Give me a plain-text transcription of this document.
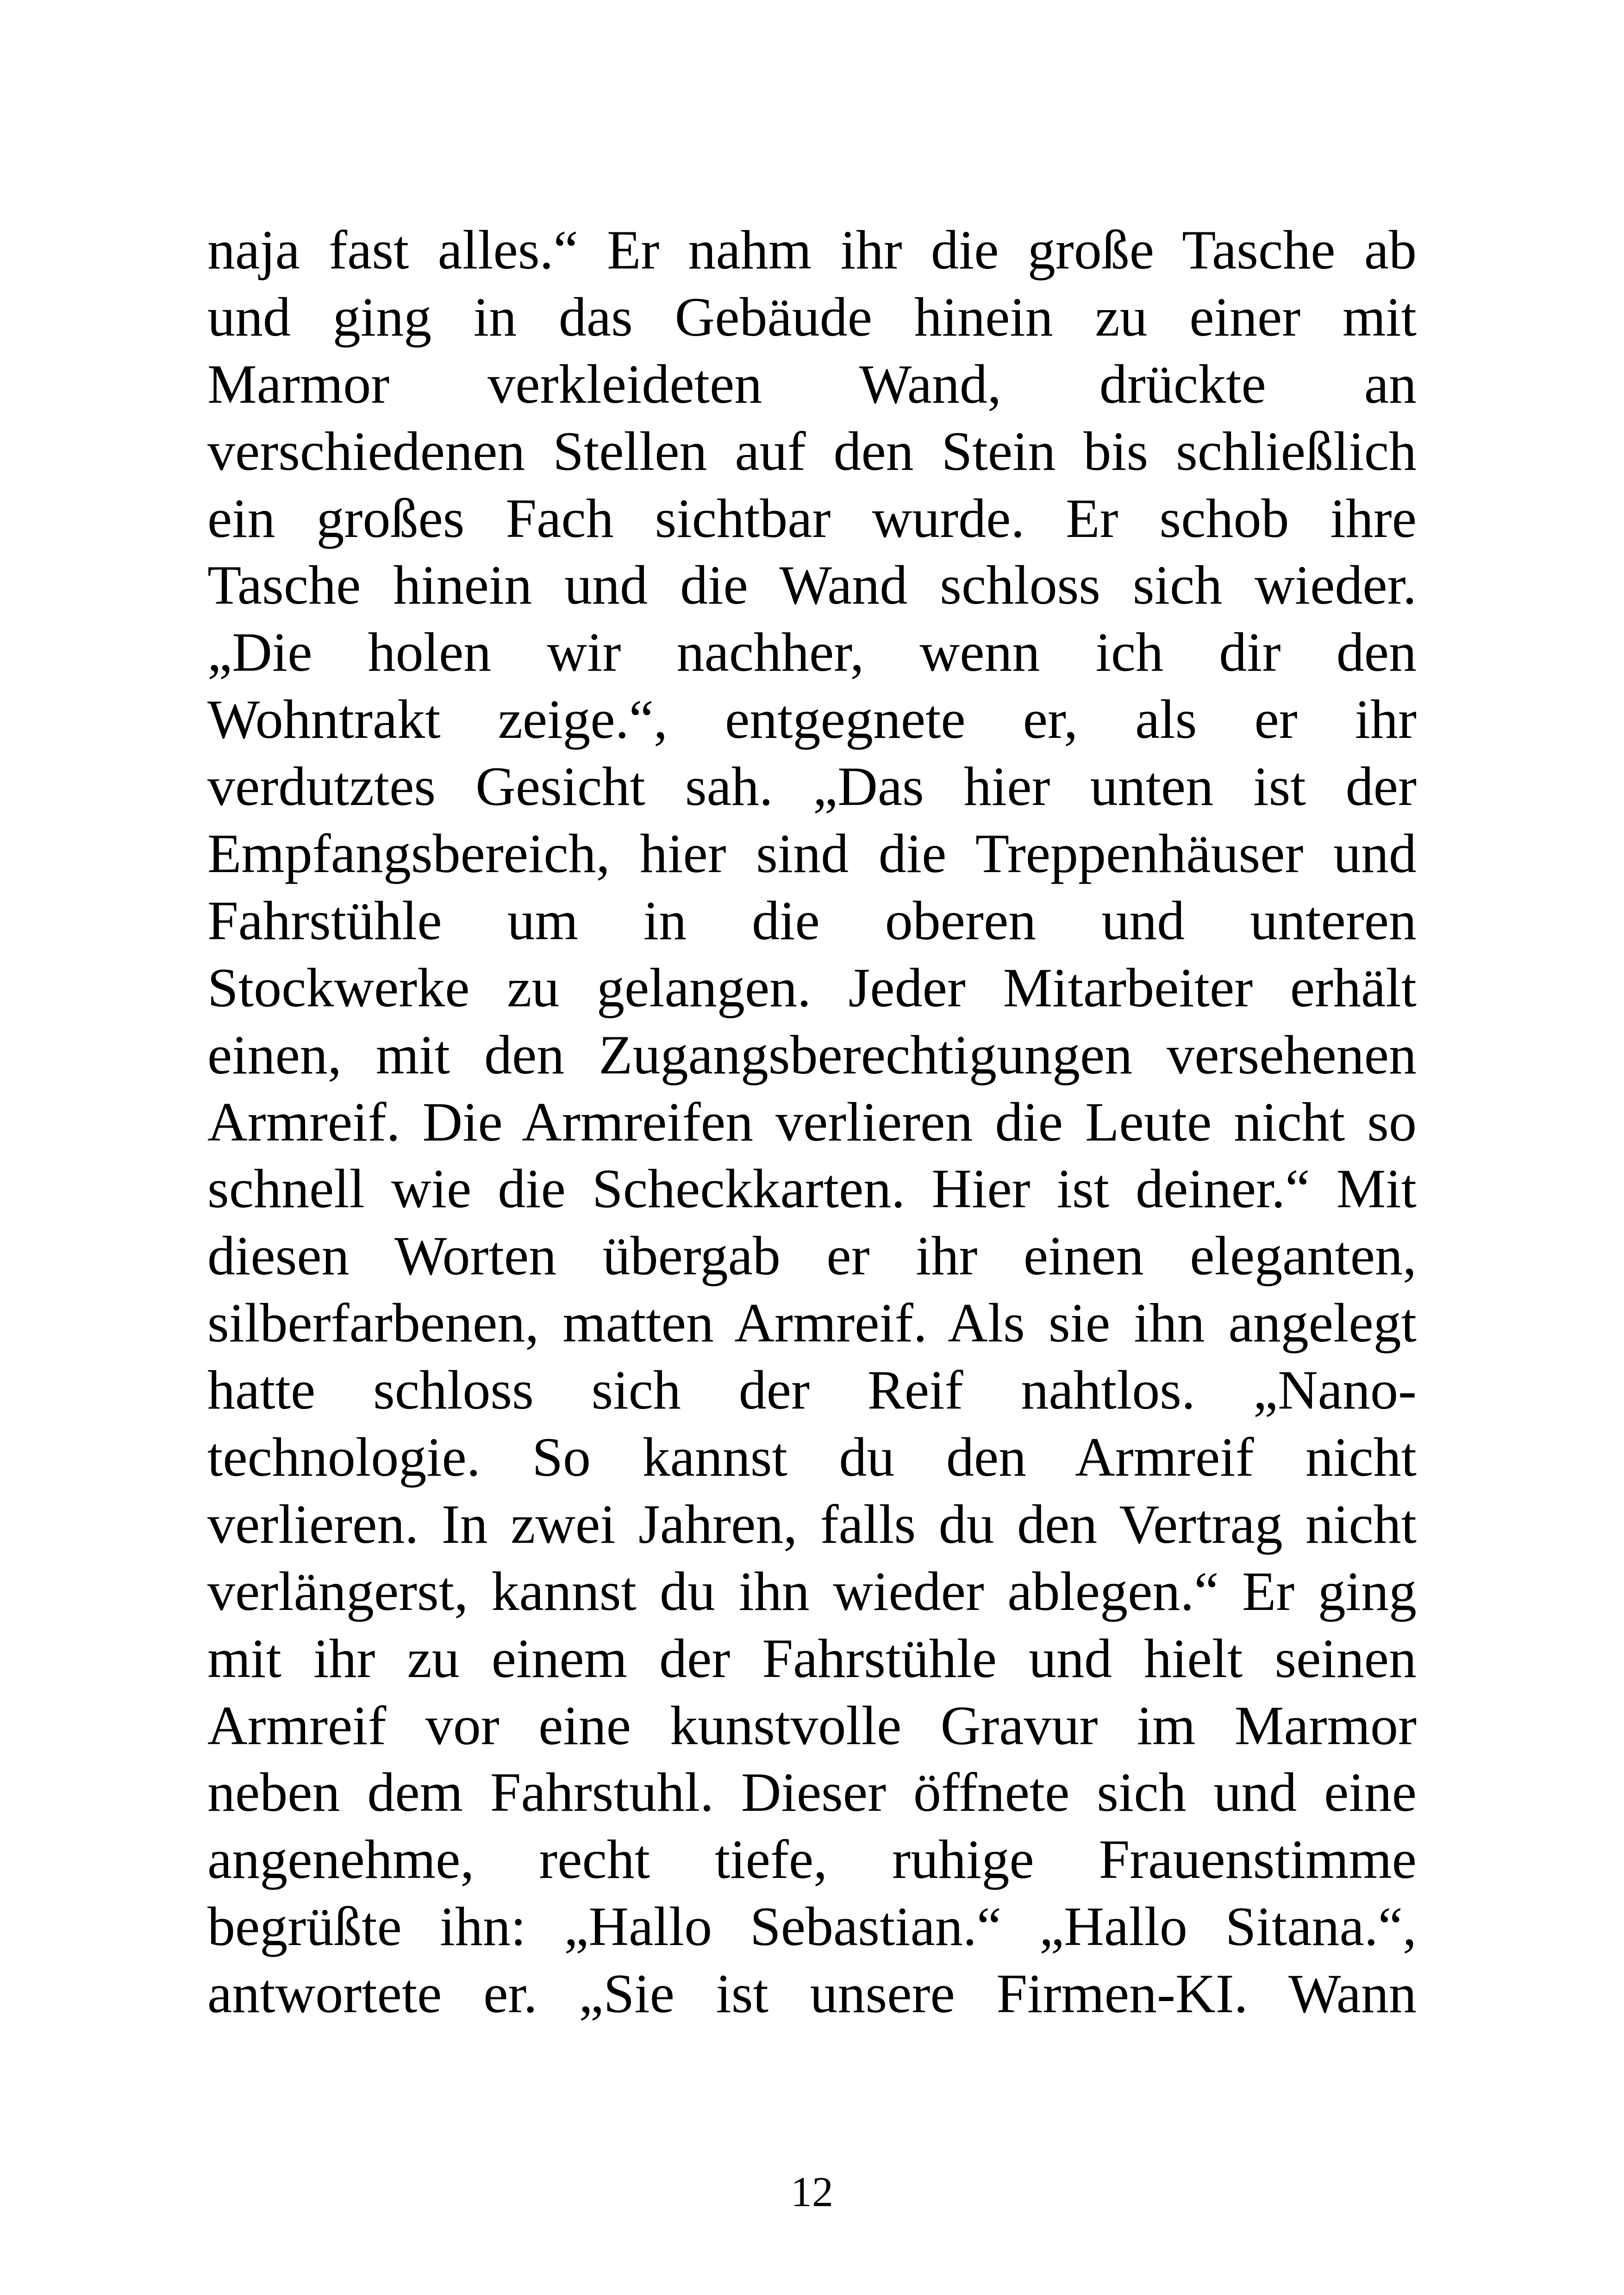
naja fast alles.“ Er nahm ihr die große Tasche ab
und ging in das Gebäude hinein zu einer mit
Marmor verkleideten Wand, drückte an
verschiedenen Stellen auf den Stein bis schließlich
ein großes Fach sichtbar wurde. Er schob ihre
Tasche hinein und die Wand schloss sich wieder.
„Die holen wir nachher, wenn ich dir den
Wohntrakt zeige.“, entgegnete er, als er ihr
verdutztes Gesicht sah. „Das hier unten ist der
Empfangsbereich, hier sind die Treppenhäuser und
Fahrstühle um in die oberen und unteren
Stockwerke zu gelangen. Jeder Mitarbeiter erhält
einen, mit den Zugangsberechtigungen versehenen
Armreif. Die Armreifen verlieren die Leute nicht so
schnell wie die Scheckkarten. Hier ist deiner.“ Mit
diesen Worten übergab er ihr einen eleganten,
silberfarbenen, matten Armreif. Als sie ihn angelegt
hatte schloss sich der Reif nahtlos. „Nano-
technologie. So kannst du den Armreif nicht
verlieren. In zwei Jahren, falls du den Vertrag nicht
verlängerst, kannst du ihn wieder ablegen.“ Er ging
mit ihr zu einem der Fahrstühle und hielt seinen
Armreif vor eine kunstvolle Gravur im Marmor
neben dem Fahrstuhl. Dieser öffnete sich und eine
angenehme, recht tiefe, ruhige Frauenstimme
begrüßte ihn: „Hallo Sebastian.“ „Hallo Sitana.“,
antwortete er. „Sie ist unsere Firmen-KI. Wann
12
